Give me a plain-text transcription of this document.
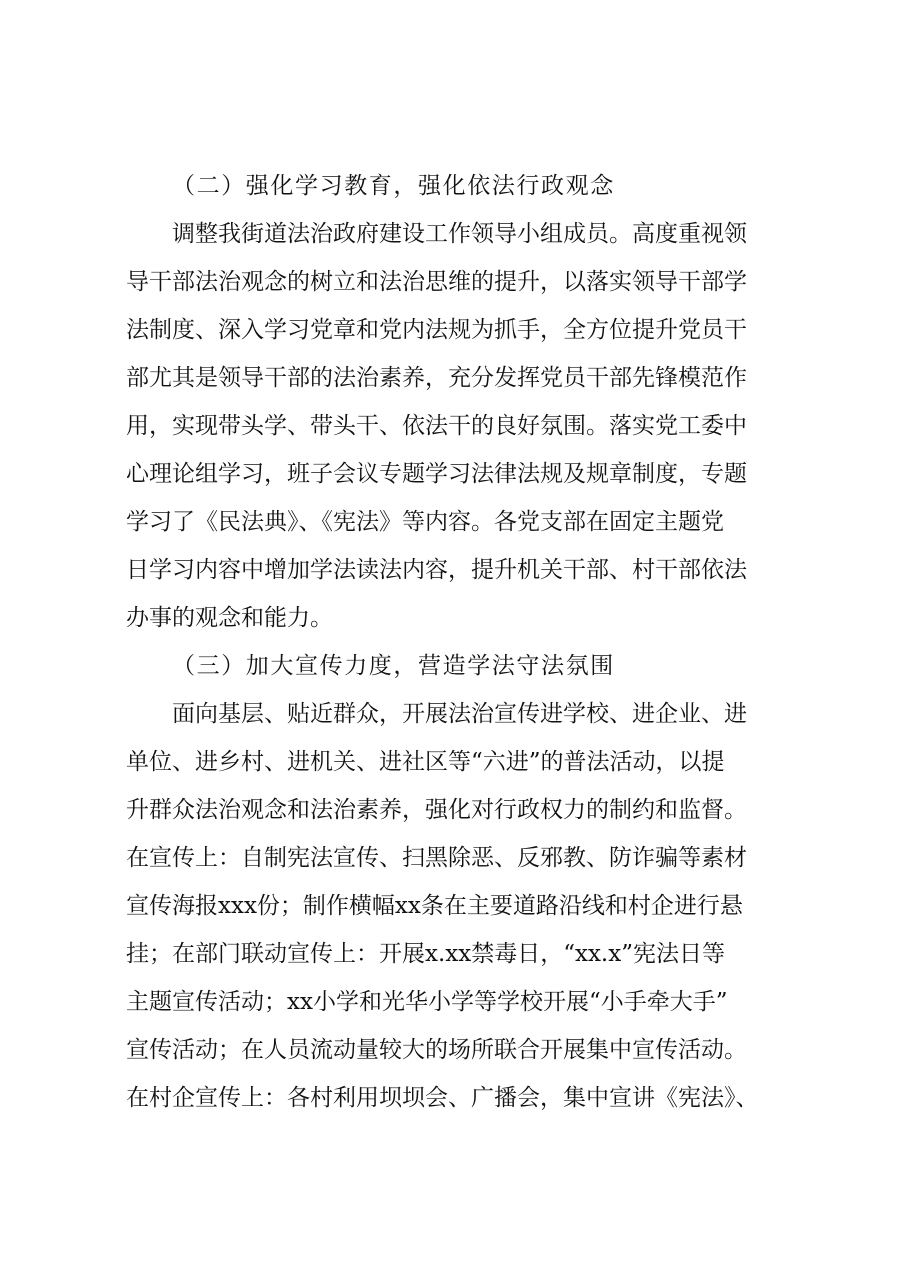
（二）强化学习教育，强化依法行政观念
调整我街道法治政府建设工作领导小组成员。高度重视领
导干部法治观念的树立和法治思维的提升，以落实领导干部学
法制度、深入学习党章和党内法规为抓手，全方位提升党员干
部尤其是领导干部的法治素养，充分发挥党员干部先锋模范作
用，实现带头学、带头干、依法干的良好氛围。落实党工委中
心理论组学习，班子会议专题学习法律法规及规章制度，专题
学习了《民法典》、《宪法》等内容。各党支部在固定主题党
日学习内容中增加学法读法内容，提升机关干部、村干部依法
办事的观念和能力。
（三）加大宣传力度，营造学法守法氛围
面向基层、贴近群众，开展法治宣传进学校、进企业、进
单位、进乡村、进机关、进社区等“六进”的普法活动，以提
升群众法治观念和法治素养，强化对行政权力的制约和监督。
在宣传上：自制宪法宣传、扫黑除恶、反邪教、防诈骗等素材
宣传海报xxx份；制作横幅xx条在主要道路沿线和村企进行悬
挂；在部门联动宣传上：开展x.xx禁毒日，“xx.x”宪法日等
主题宣传活动；xx小学和光华小学等学校开展“小手牵大手”
宣传活动；在人员流动量较大的场所联合开展集中宣传活动。
在村企宣传上：各村利用坝坝会、广播会，集中宣讲《宪法》、
